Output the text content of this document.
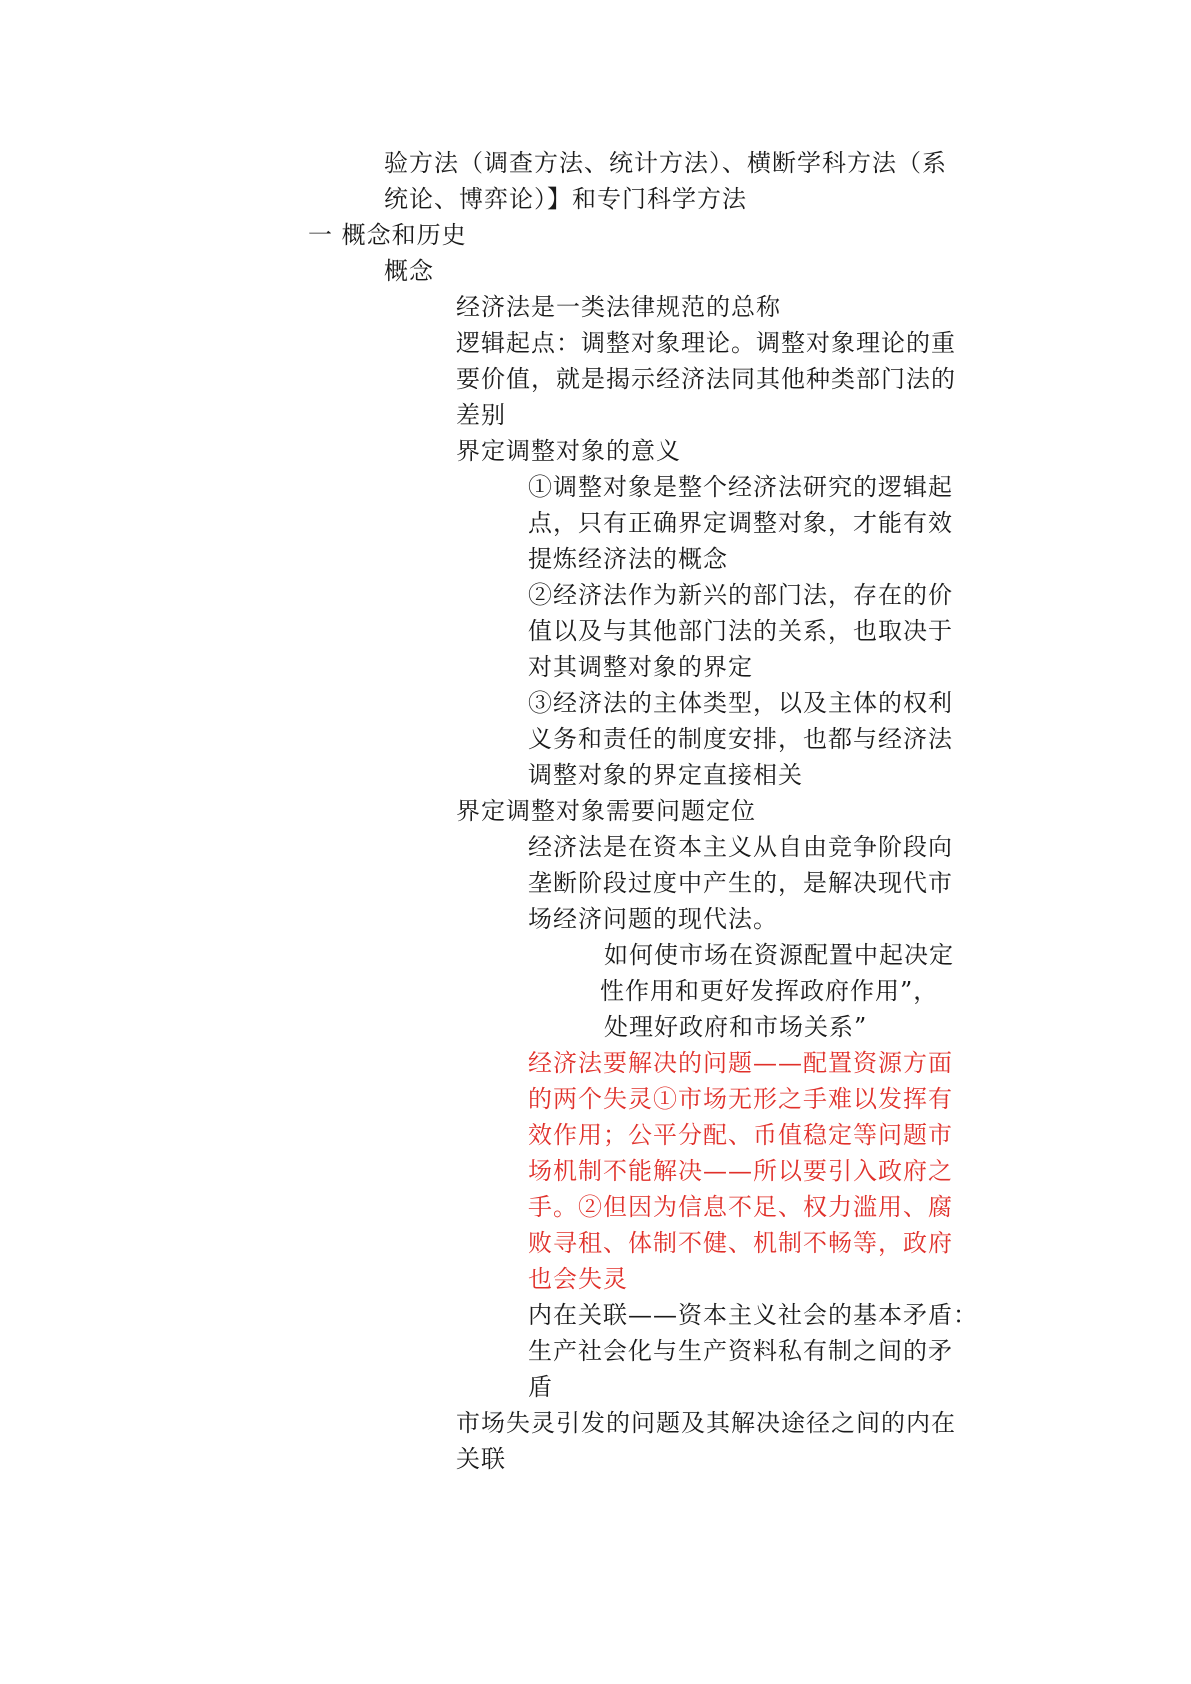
验方法（调查方法、统计方法）、横断学科方法（系
统论、博弈论）】和专门科学方法
一 概念和历史
概念
经济法是一类法律规范的总称
逻辑起点：调整对象理论。调整对象理论的重
要价值，就是揭示经济法同其他种类部门法的
差别
界定调整对象的意义
①调整对象是整个经济法研究的逻辑起
点，只有正确界定调整对象，才能有效
提炼经济法的概念
②经济法作为新兴的部门法，存在的价
值以及与其他部门法的关系，也取决于
对其调整对象的界定
③经济法的主体类型，以及主体的权利
义务和责任的制度安排，也都与经济法
调整对象的界定直接相关
界定调整对象需要问题定位
经济法是在资本主义从自由竞争阶段向
垄断阶段过度中产生的，是解决现代市
场经济问题的现代法。
如何使市场在资源配置中起决定
性作用和更好发挥政府作用”，
处理好政府和市场关系”
经济法要解决的问题——配置资源方面
的两个失灵①市场无形之手难以发挥有
效作用；公平分配、币值稳定等问题市
场机制不能解决——所以要引入政府之
手。②但因为信息不足、权力滥用、腐
败寻租、体制不健、机制不畅等，政府
也会失灵
内在关联——资本主义社会的基本矛盾：
生产社会化与生产资料私有制之间的矛
盾
市场失灵引发的问题及其解决途径之间的内在
关联
